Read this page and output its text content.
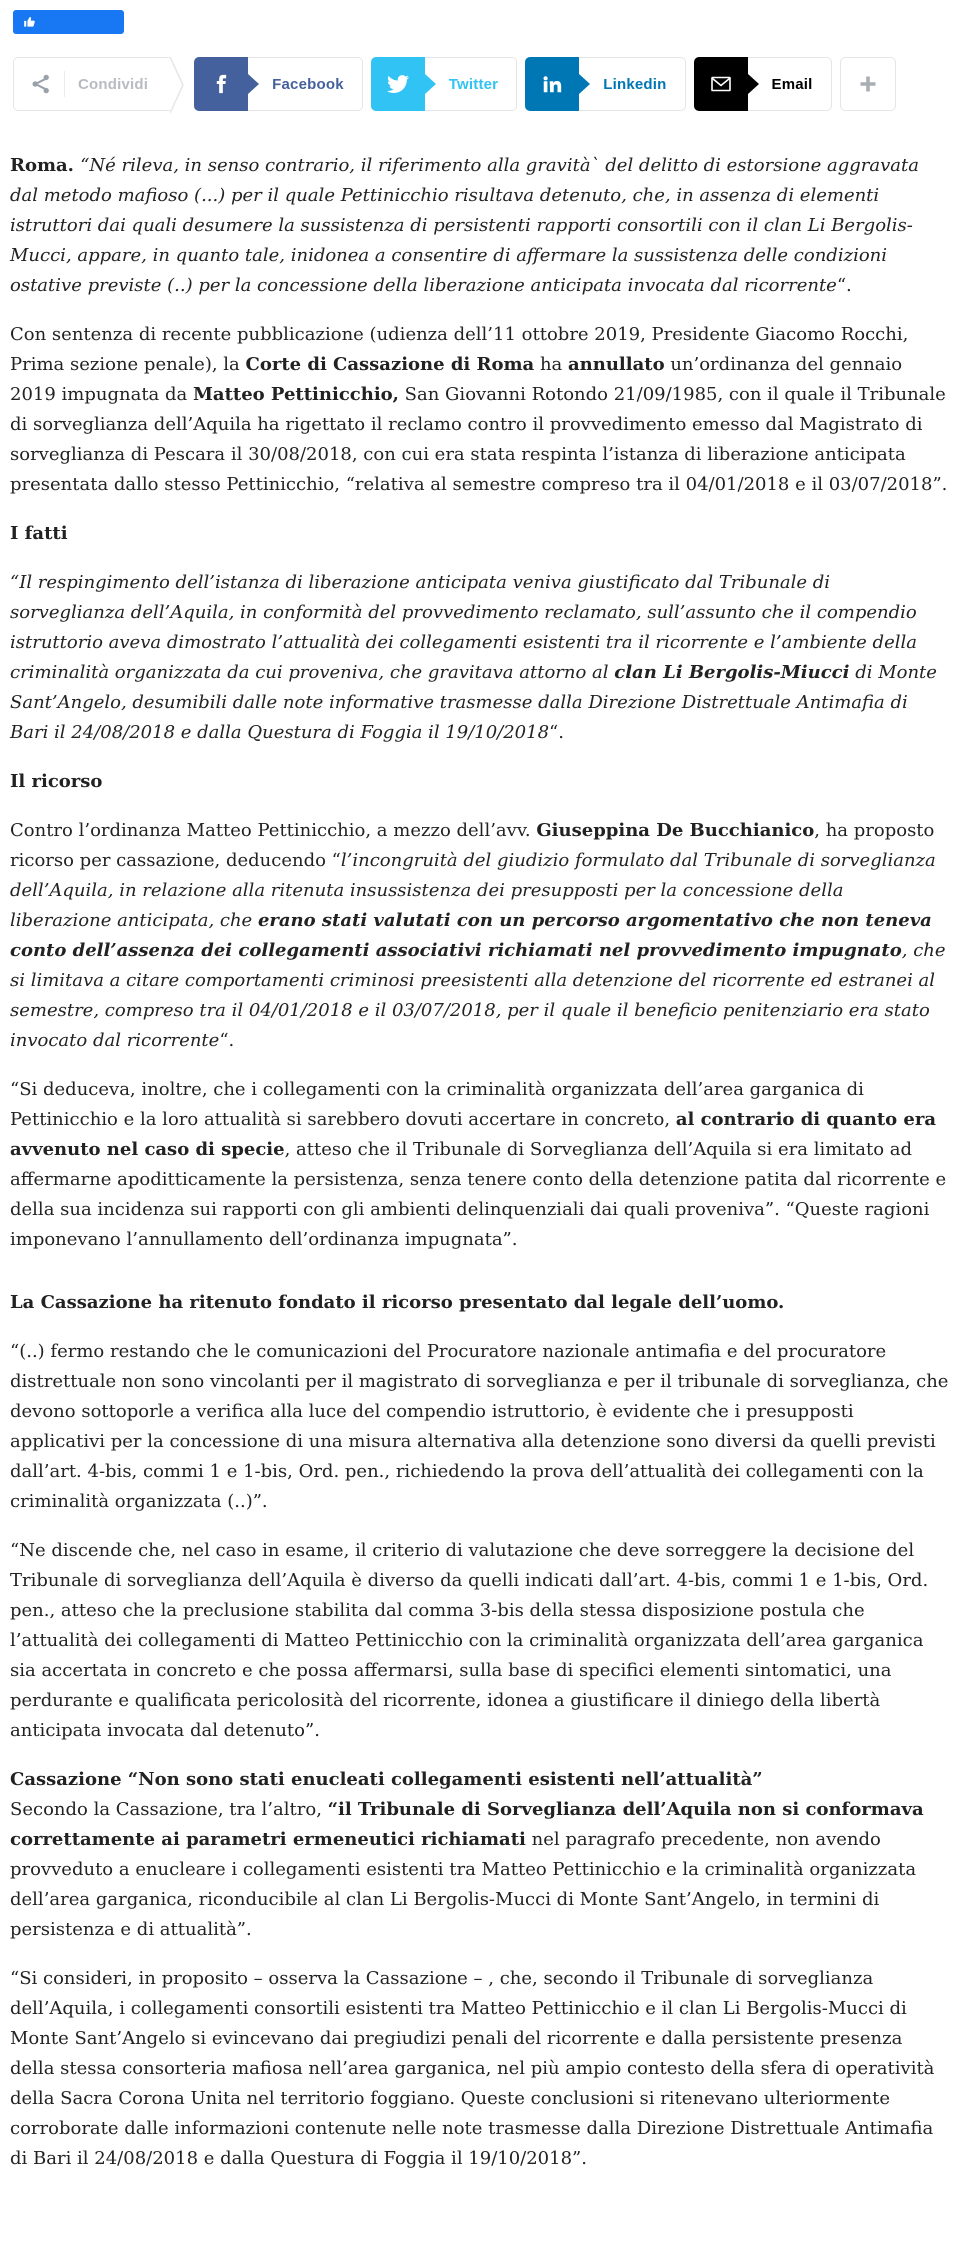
Mi piace 40
Condividi	Facebook	Twitter	Linkedin	Email

Roma. “Né rileva, in senso contrario, il riferimento alla gravità` del delitto di estorsione aggravata dal metodo mafioso (...) per il quale Pettinicchio risultava detenuto, che, in assenza di elementi istruttori dai quali desumere la sussistenza di persistenti rapporti consortili con il clan Li Bergolis-Mucci, appare, in quanto tale, inidonea a consentire di affermare la sussistenza delle condizioni ostative previste (..) per la concessione della liberazione anticipata invocata dal ricorrente“.

Con sentenza di recente pubblicazione (udienza dell’11 ottobre 2019, Presidente Giacomo Rocchi, Prima sezione penale), la Corte di Cassazione di Roma ha annullato un’ordinanza del gennaio 2019 impugnata da Matteo Pettinicchio, San Giovanni Rotondo 21/09/1985, con il quale il Tribunale di sorveglianza dell’Aquila ha rigettato il reclamo contro il provvedimento emesso dal Magistrato di sorveglianza di Pescara il 30/08/2018, con cui era stata respinta l’istanza di liberazione anticipata presentata dallo stesso Pettinicchio, “relativa al semestre compreso tra il 04/01/2018 e il 03/07/2018”.

I fatti

“Il respingimento dell’istanza di liberazione anticipata veniva giustificato dal Tribunale di sorveglianza dell’Aquila, in conformità del provvedimento reclamato, sull’assunto che il compendio istruttorio aveva dimostrato l’attualità dei collegamenti esistenti tra il ricorrente e l’ambiente della criminalità organizzata da cui proveniva, che gravitava attorno al clan Li Bergolis-Miucci di Monte Sant’Angelo, desumibili dalle note informative trasmesse dalla Direzione Distrettuale Antimafia di Bari il 24/08/2018 e dalla Questura di Foggia il 19/10/2018“.

Il ricorso

Contro l’ordinanza Matteo Pettinicchio, a mezzo dell’avv. Giuseppina De Bucchianico, ha proposto ricorso per cassazione, deducendo “l’incongruità del giudizio formulato dal Tribunale di sorveglianza dell’Aquila, in relazione alla ritenuta insussistenza dei presupposti per la concessione della liberazione anticipata, che erano stati valutati con un percorso argomentativo che non teneva conto dell’assenza dei collegamenti associativi richiamati nel provvedimento impugnato, che si limitava a citare comportamenti criminosi preesistenti alla detenzione del ricorrente ed estranei al semestre, compreso tra il 04/01/2018 e il 03/07/2018, per il quale il beneficio penitenziario era stato invocato dal ricorrente“.

“Si deduceva, inoltre, che i collegamenti con la criminalità organizzata dell’area garganica di Pettinicchio e la loro attualità si sarebbero dovuti accertare in concreto, al contrario di quanto era avvenuto nel caso di specie, atteso che il Tribunale di Sorveglianza dell’Aquila si era limitato ad affermarne apoditticamente la persistenza, senza tenere conto della detenzione patita dal ricorrente e della sua incidenza sui rapporti con gli ambienti delinquenziali dai quali proveniva”. “Queste ragioni imponevano l’annullamento dell’ordinanza impugnata”.

La Cassazione ha ritenuto fondato il ricorso presentato dal legale dell’uomo.

“(..) fermo restando che le comunicazioni del Procuratore nazionale antimafia e del procuratore distrettuale non sono vincolanti per il magistrato di sorveglianza e per il tribunale di sorveglianza, che devono sottoporle a verifica alla luce del compendio istruttorio, è evidente che i presupposti applicativi per la concessione di una misura alternativa alla detenzione sono diversi da quelli previsti dall’art. 4-bis, commi 1 e 1-bis, Ord. pen., richiedendo la prova dell’attualità dei collegamenti con la criminalità organizzata (..)”.

“Ne discende che, nel caso in esame, il criterio di valutazione che deve sorreggere la decisione del Tribunale di sorveglianza dell’Aquila è diverso da quelli indicati dall’art. 4-bis, commi 1 e 1-bis, Ord. pen., atteso che la preclusione stabilita dal comma 3-bis della stessa disposizione postula che l’attualità dei collegamenti di Matteo Pettinicchio con la criminalità organizzata dell’area garganica sia accertata in concreto e che possa affermarsi, sulla base di specifici elementi sintomatici, una perdurante e qualificata pericolosità del ricorrente, idonea a giustificare il diniego della libertà anticipata invocata dal detenuto”.

Cassazione “Non sono stati enucleati collegamenti esistenti nell’attualità”
Secondo la Cassazione, tra l’altro, “il Tribunale di Sorveglianza dell’Aquila non si conformava correttamente ai parametri ermeneutici richiamati nel paragrafo precedente, non avendo provveduto a enucleare i collegamenti esistenti tra Matteo Pettinicchio e la criminalità organizzata dell’area garganica, riconducibile al clan Li Bergolis-Mucci di Monte Sant’Angelo, in termini di persistenza e di attualità”.

“Si consideri, in proposito – osserva la Cassazione – , che, secondo il Tribunale di sorveglianza dell’Aquila, i collegamenti consortili esistenti tra Matteo Pettinicchio e il clan Li Bergolis-Mucci di Monte Sant’Angelo si evincevano dai pregiudizi penali del ricorrente e dalla persistente presenza della stessa consorteria mafiosa nell’area garganica, nel più ampio contesto della sfera di operatività della Sacra Corona Unita nel territorio foggiano. Queste conclusioni si ritenevano ulteriormente corroborate dalle informazioni contenute nelle note trasmesse dalla Direzione Distrettuale Antimafia di Bari il 24/08/2018 e dalla Questura di Foggia il 19/10/2018”.
